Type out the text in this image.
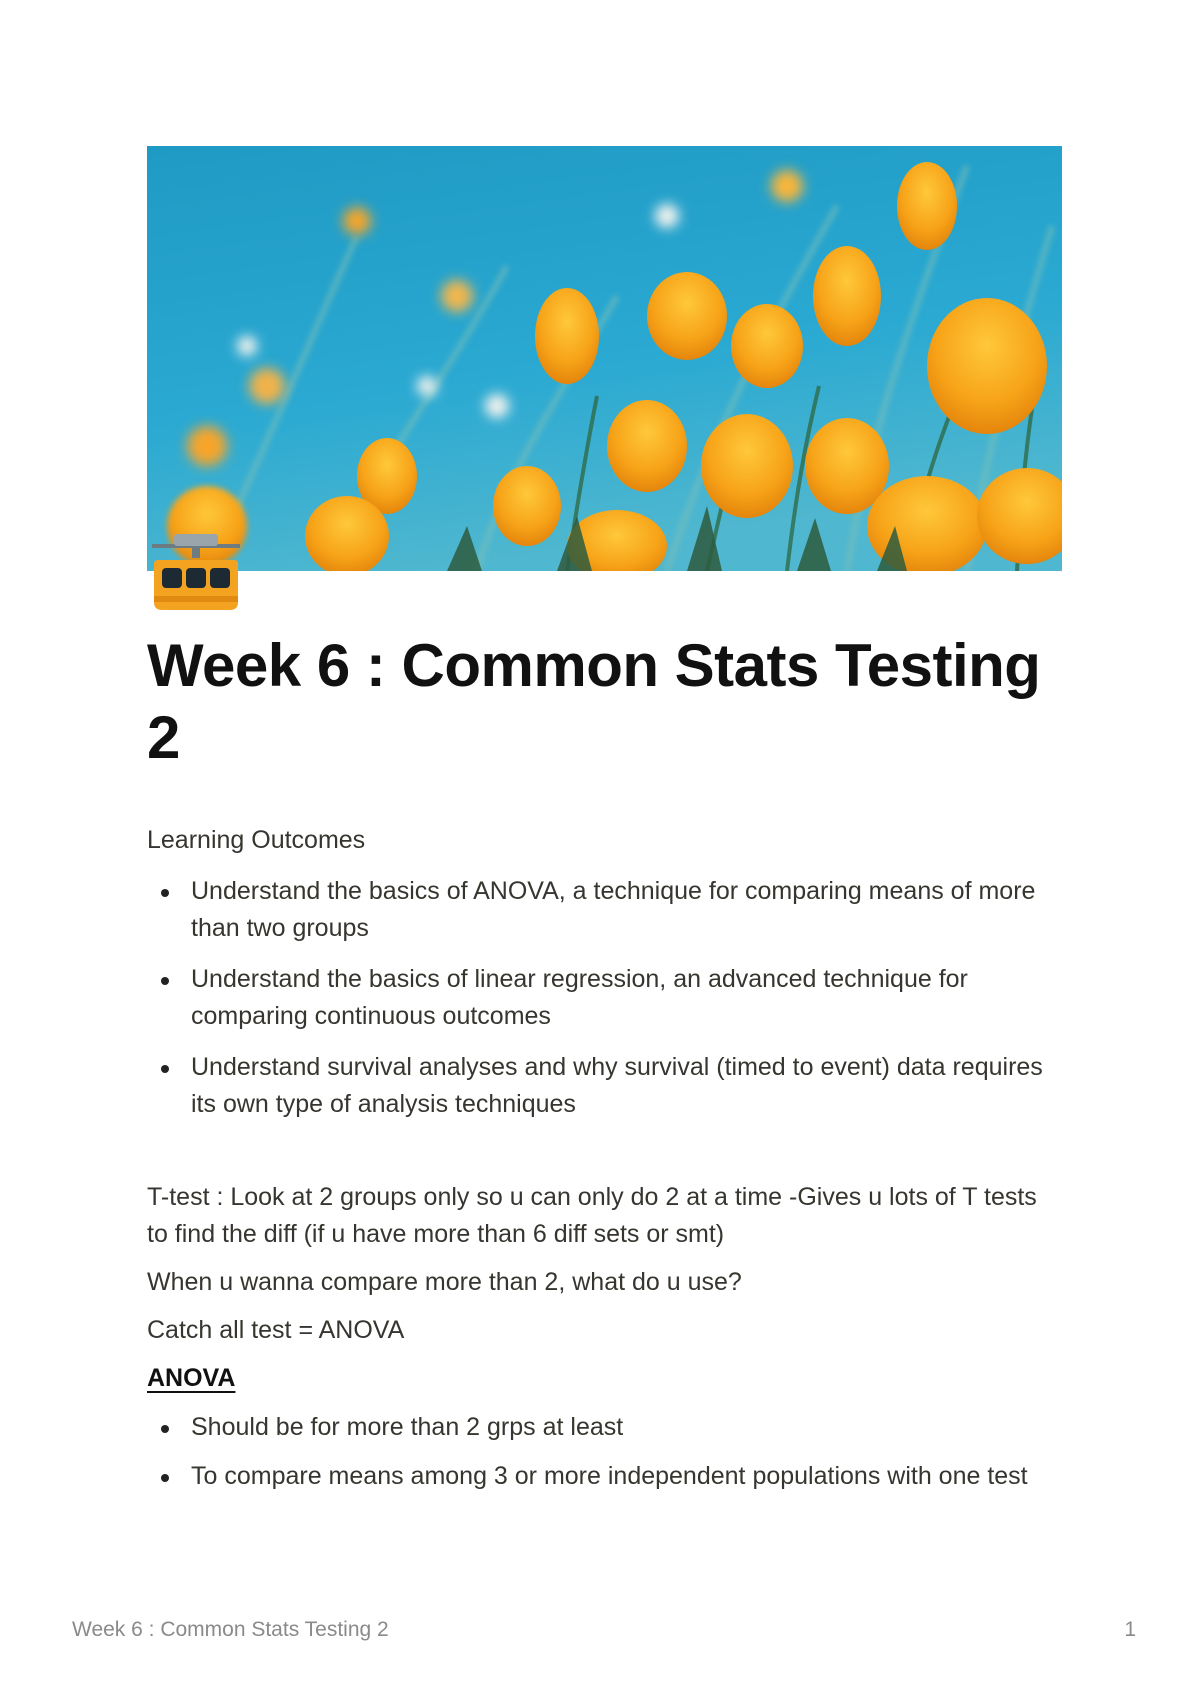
Week 6 : Common Stats Testing 2

Learning Outcomes

Understand the basics of ANOVA, a technique for comparing means of more than two groups
Understand the basics of linear regression, an advanced technique for comparing continuous outcomes
Understand survival analyses and why survival (timed to event) data requires its own type of analysis techniques

T-test : Look at 2 groups only so u can only do 2 at a time -Gives u lots of T tests to find the diff (if u have more than 6 diff sets or smt)

When u wanna compare more than 2, what do u use?

Catch all test = ANOVA

ANOVA

Should be for more than 2 grps at least
To compare means among 3 or more independent populations with one test
Week 6 : Common Stats Testing 2	1
